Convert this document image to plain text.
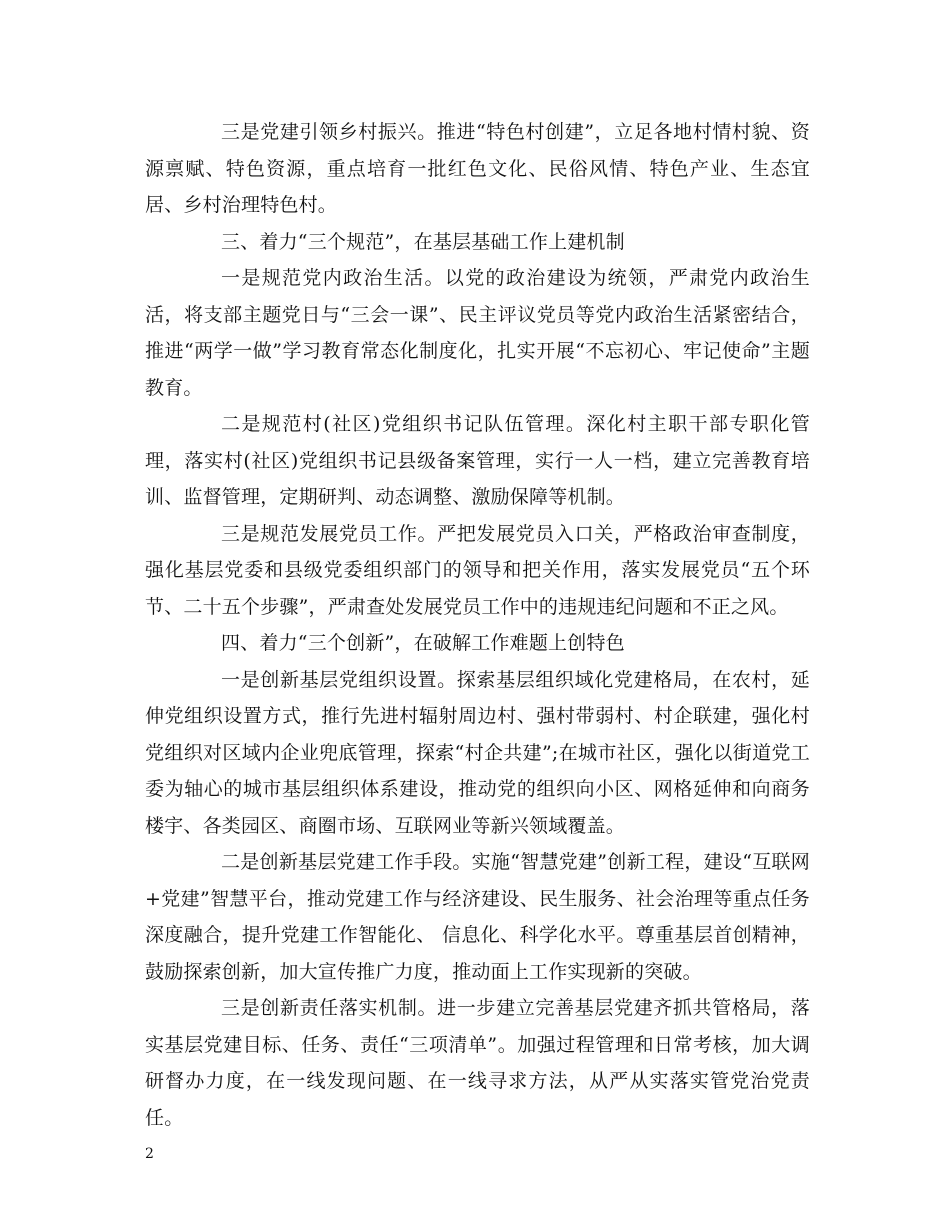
三是党建引领乡村振兴。推进“特色村创建”，立足各地村情村貌、资源禀赋、特色资源，重点培育一批红色文化、民俗风情、特色产业、生态宜居、乡村治理特色村。

三、着力“三个规范”，在基层基础工作上建机制

一是规范党内政治生活。以党的政治建设为统领，严肃党内政治生活，将支部主题党日与“三会一课”、民主评议党员等党内政治生活紧密结合，推进“两学一做”学习教育常态化制度化，扎实开展“不忘初心、牢记使命”主题教育。

二是规范村(社区)党组织书记队伍管理。深化村主职干部专职化管理，落实村(社区)党组织书记县级备案管理，实行一人一档，建立完善教育培训、监督管理，定期研判、动态调整、激励保障等机制。

三是规范发展党员工作。严把发展党员入口关，严格政治审查制度，强化基层党委和县级党委组织部门的领导和把关作用，落实发展党员“五个环节、二十五个步骤”，严肃查处发展党员工作中的违规违纪问题和不正之风。

四、着力“三个创新”，在破解工作难题上创特色

一是创新基层党组织设置。探索基层组织域化党建格局，在农村，延伸党组织设置方式，推行先进村辐射周边村、强村带弱村、村企联建，强化村党组织对区域内企业兜底管理，探索“村企共建”;在城市社区，强化以街道党工委为轴心的城市基层组织体系建设，推动党的组织向小区、网格延伸和向商务楼宇、各类园区、商圈市场、互联网业等新兴领域覆盖。

二是创新基层党建工作手段。实施“智慧党建”创新工程，建设“互联网+党建”智慧平台，推动党建工作与经济建设、民生服务、社会治理等重点任务深度融合，提升党建工作智能化、 信息化、科学化水平。尊重基层首创精神，鼓励探索创新，加大宣传推广力度，推动面上工作实现新的突破。

三是创新责任落实机制。进一步建立完善基层党建齐抓共管格局，落实基层党建目标、任务、责任“三项清单”。加强过程管理和日常考核，加大调研督办力度，在一线发现问题、在一线寻求方法，从严从实落实管党治党责任。

2
